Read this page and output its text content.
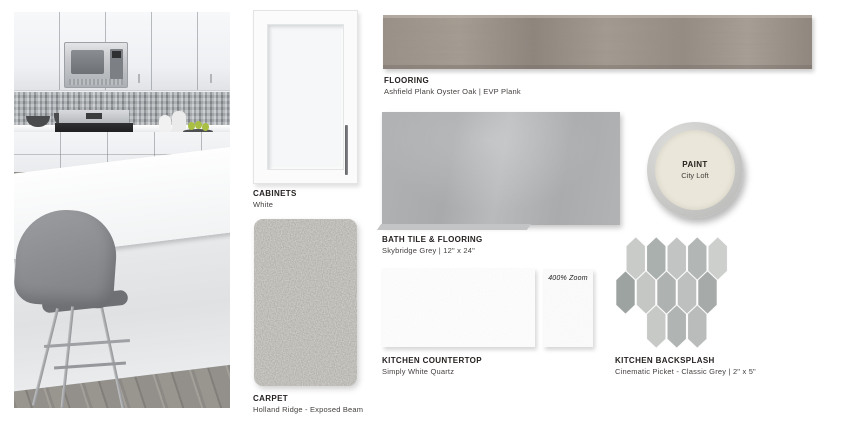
CABINETS
White
CARPET
Holland Ridge - Exposed Beam
FLOORING
Ashfield Plank Oyster Oak | EVP Plank
BATH TILE & FLOORING
Skybridge Grey | 12" x 24"
PAINT
City Loft
400% Zoom
KITCHEN COUNTERTOP
Simply White Quartz
KITCHEN BACKSPLASH
Cinematic Picket - Classic Grey | 2" x 5"
